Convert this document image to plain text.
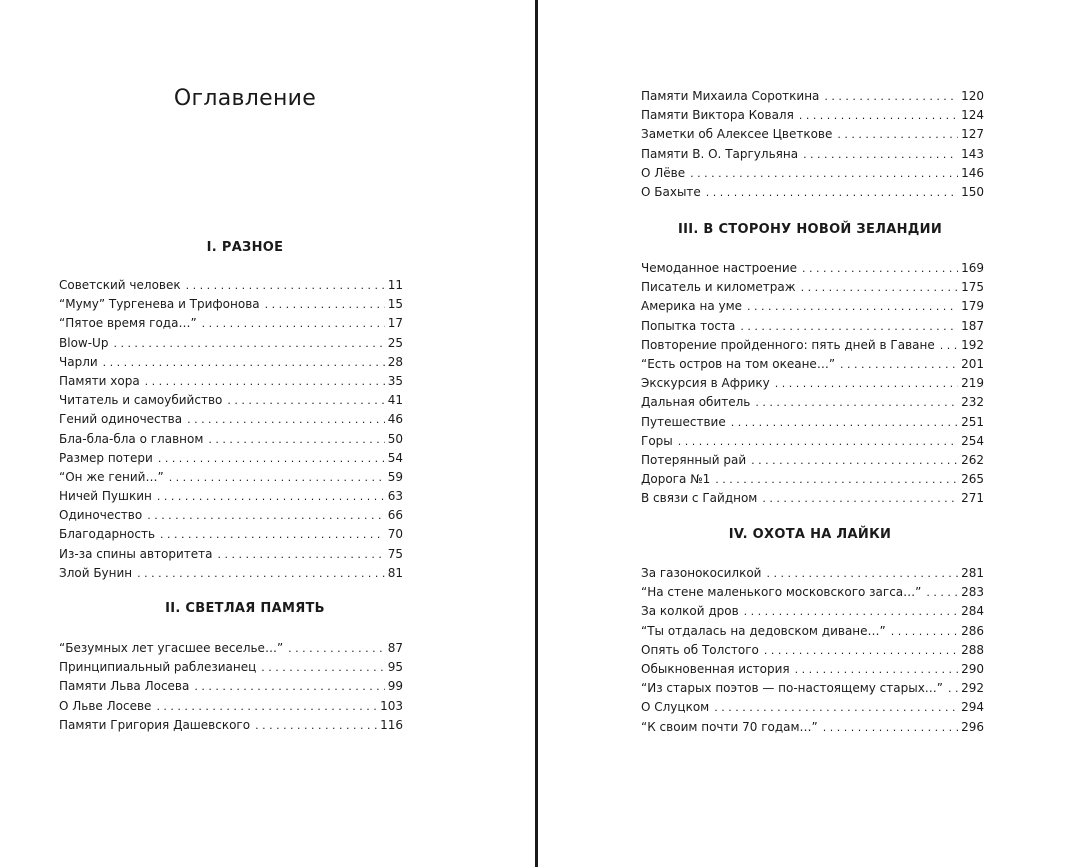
Оглавление
I. РАЗНОЕ
Советский человек . . .	11
“Муму” Тургенева и Трифонова . . .	15
“Пятое время года…” . . .	17
Blow-Up . . .	25
Чарли . . .	28
Памяти хора . . .	35
Читатель и самоубийство . . .	41
Гений одиночества . . .	46
Бла-бла-бла о главном . . .	50
Размер потери . . .	54
“Он же гений…” . . .	59
Ничей Пушкин . . .	63
Одиночество . . .	66
Благодарность . . .	70
Из-за спины авторитета . . .	75
Злой Бунин . . .	81
II. СВЕТЛАЯ ПАМЯТЬ
“Безумных лет угасшее веселье…” . . .	87
Принципиальный раблезианец . . .	95
Памяти Льва Лосева . . .	99
О Льве Лосеве . . .	103
Памяти Григория Дашевского . . .	116
Памяти Михаила Сороткина . . .	120
Памяти Виктора Коваля . . .	124
Заметки об Алексее Цветкове . . .	127
Памяти В. О. Таргульяна . . .	143
О Лёве . . .	146
О Бахыте . . .	150
III. В СТОРОНУ НОВОЙ ЗЕЛАНДИИ
Чемоданное настроение . . .	169
Писатель и километраж . . .	175
Америка на уме . . .	179
Попытка тоста . . .	187
Повторение пройденного: пять дней в Гаване . . .	192
“Есть остров на том океане…” . . .	201
Экскурсия в Африку . . .	219
Дальная обитель . . .	232
Путешествие . . .	251
Горы . . .	254
Потерянный рай . . .	262
Дорога №1 . . .	265
В связи с Гайдном . . .	271
IV. ОХОТА НА ЛАЙКИ
За газонокосилкой . . .	281
“На стене маленького московского загса…” . . .	283
За колкой дров . . .	284
“Ты отдалась на дедовском диване…” . . .	286
Опять об Толстого . . .	288
Обыкновенная история . . .	290
“Из старых поэтов — по-настоящему старых…” . . .	292
О Слуцком . . .	294
“К своим почти 70 годам…” . . .	296
